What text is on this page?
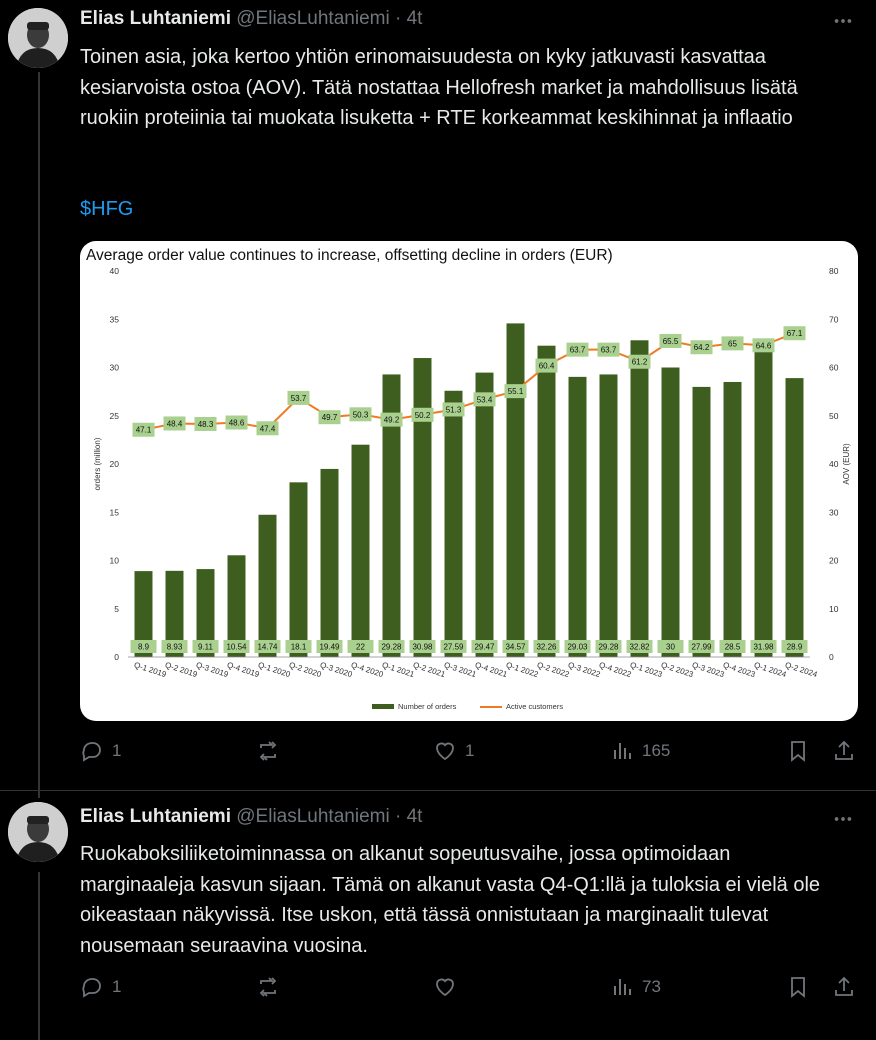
Elias Luhtaniemi @EliasLuhtaniemi · 4t
Toinen asia, joka kertoo yhtiön erinomaisuudesta on kyky jatkuvasti kasvattaa kesiarvoista ostoa (AOV). Tätä nostattaa Hellofresh market ja mahdollisuus lisätä ruokiin proteiinia tai muokata lisuketta + RTE korkeammat keskihinnat ja inflaatio
$HFG
Average order value continues to increase, offsetting decline in orders (EUR)
0
5
10
15
20
25
30
35
40
0
10
20
30
40
50
60
70
80
orders (million)	AOV (EUR)
8.9 8.93 9.11 10.54 14.74 18.1 19.49 22 29.28 30.98 27.59 29.47 34.57 32.26 29.03 29.28 32.82 30 27.99 28.5 31.98 28.9
47.1
48.4 48.3 48.6
47.4
53.7
49.7 50.3
49.2
50.2
51.3
53.4
55.1
60.4
63.7 63.7
61.2
65.5
64.2 65 64.6
67.1
Q-1 2019
Q-2 2019
Q-3 2019
Q-4 2019
Q-1 2020
Q-2 2020
Q-3 2020
Q-4 2020
Q-1 2021
Q-2 2021
Q-3 2021
Q-4 2021
Q-1 2022
Q-2 2022
Q-3 2022
Q-4 2022
Q-1 2023
Q-2 2023
Q-3 2023
Q-4 2023
Q-1 2024
Q-2 2024
Number of orders	Active customers
1	1	165
Elias Luhtaniemi @EliasLuhtaniemi · 4t
Ruokaboksiliiketoiminnassa on alkanut sopeutusvaihe, jossa optimoidaan marginaaleja kasvun sijaan. Tämä on alkanut vasta Q4-Q1:llä ja tuloksia ei vielä ole oikeastaan näkyvissä. Itse uskon, että tässä onnistutaan ja marginaalit tulevat nousemaan seuraavina vuosina.
1	73
